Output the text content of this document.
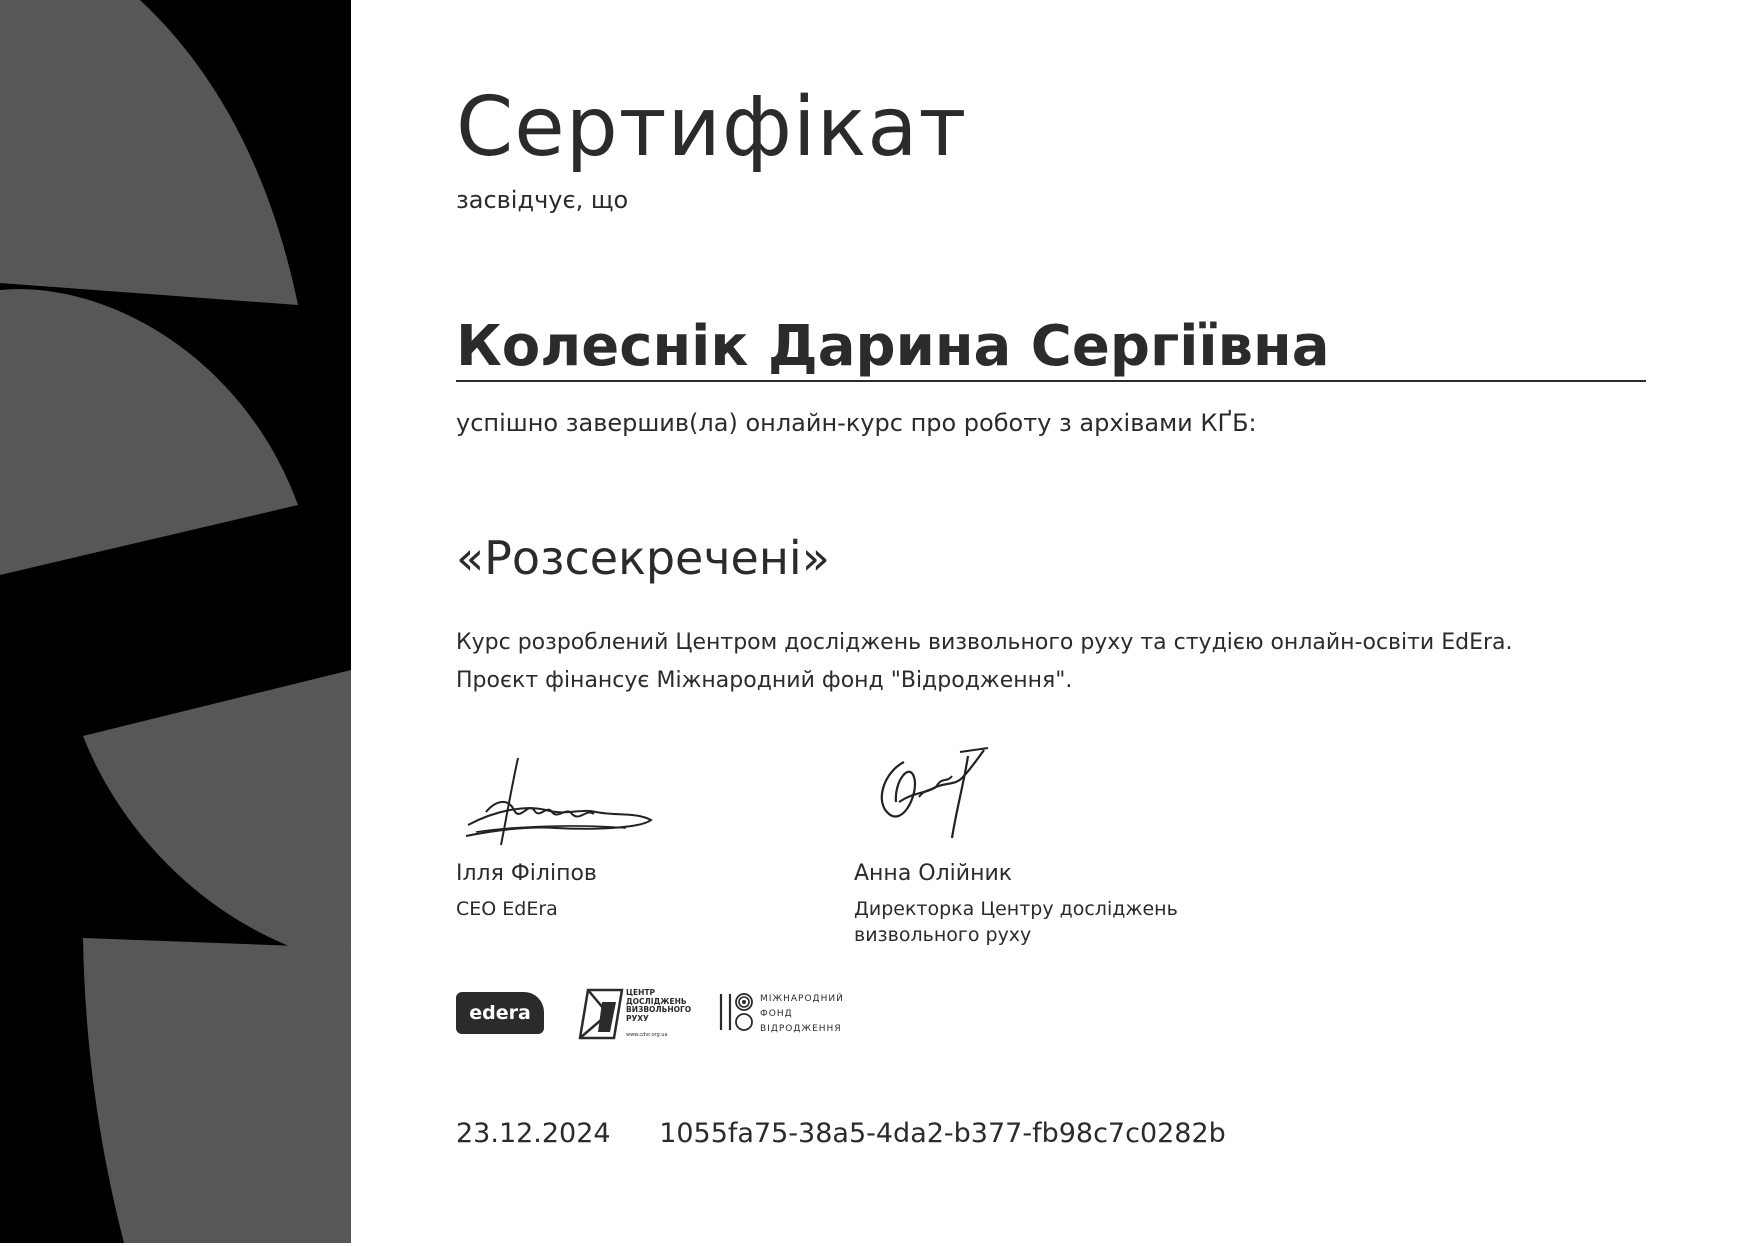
Сертифікат
засвідчує, що
Колеснік Дарина Сергіївна
успішно завершив(ла) онлайн-курс про роботу з архівами КҐБ:
«Розсекречені»
Курс розроблений Центром досліджень визвольного руху та студією онлайн-освіти EdEra.
Проєкт фінансує Міжнародний фонд "Відродження".
Ілля Філіпов
CEO EdEra
Анна Олійник
Директорка Центру досліджень
визвольного руху
edera
ЦЕНТР
ДОСЛІДЖЕНЬ
ВИЗВОЛЬНОГО
РУХУ
www.cdvr.org.ua
МІЖНАРОДНИЙ
ФОНД
ВІДРОДЖЕННЯ
23.12.2024 1055fa75-38a5-4da2-b377-fb98c7c0282b
